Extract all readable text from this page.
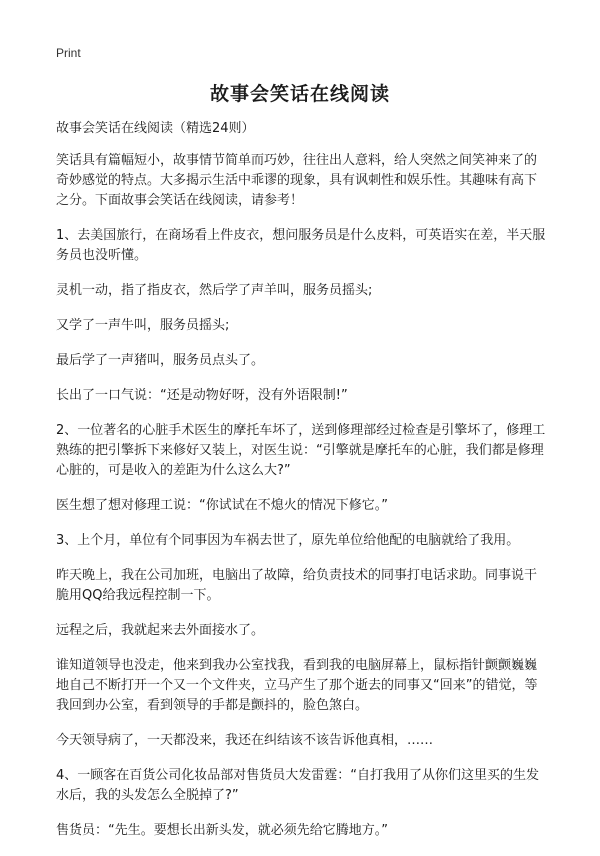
Print
故事会笑话在线阅读

故事会笑话在线阅读（精选24则）

笑话具有篇幅短小，故事情节简单而巧妙，往往出人意料，给人突然之间笑神来了的奇妙感觉的特点。大多揭示生活中乖谬的现象，具有讽刺性和娱乐性。其趣味有高下之分。下面故事会笑话在线阅读，请参考！

1、去美国旅行，在商场看上件皮衣，想问服务员是什么皮料，可英语实在差，半天服务员也没听懂。

灵机一动，指了指皮衣，然后学了声羊叫，服务员摇头;

又学了一声牛叫，服务员摇头;

最后学了一声猪叫，服务员点头了。

长出了一口气说：“还是动物好呀，没有外语限制!”

2、一位著名的心脏手术医生的摩托车坏了，送到修理部经过检查是引擎坏了，修理工熟练的把引擎拆下来修好又装上，对医生说：“引擎就是摩托车的心脏，我们都是修理心脏的，可是收入的差距为什么这么大?”

医生想了想对修理工说：“你试试在不熄火的情况下修它。”

3、上个月，单位有个同事因为车祸去世了，原先单位给他配的电脑就给了我用。

昨天晚上，我在公司加班，电脑出了故障，给负责技术的同事打电话求助。同事说干脆用QQ给我远程控制一下。

远程之后，我就起来去外面接水了。

谁知道领导也没走，他来到我办公室找我，看到我的电脑屏幕上，鼠标指针颤颤巍巍地自己不断打开一个又一个文件夹，立马产生了那个逝去的同事又“回来”的错觉，等我回到办公室，看到领导的手都是颤抖的，脸色煞白。

今天领导病了，一天都没来，我还在纠结该不该告诉他真相，……

4、一顾客在百货公司化妆品部对售货员大发雷霆：“自打我用了从你们这里买的生发水后，我的头发怎么全脱掉了?”

售货员：“先生。要想长出新头发，就必须先给它腾地方。”
